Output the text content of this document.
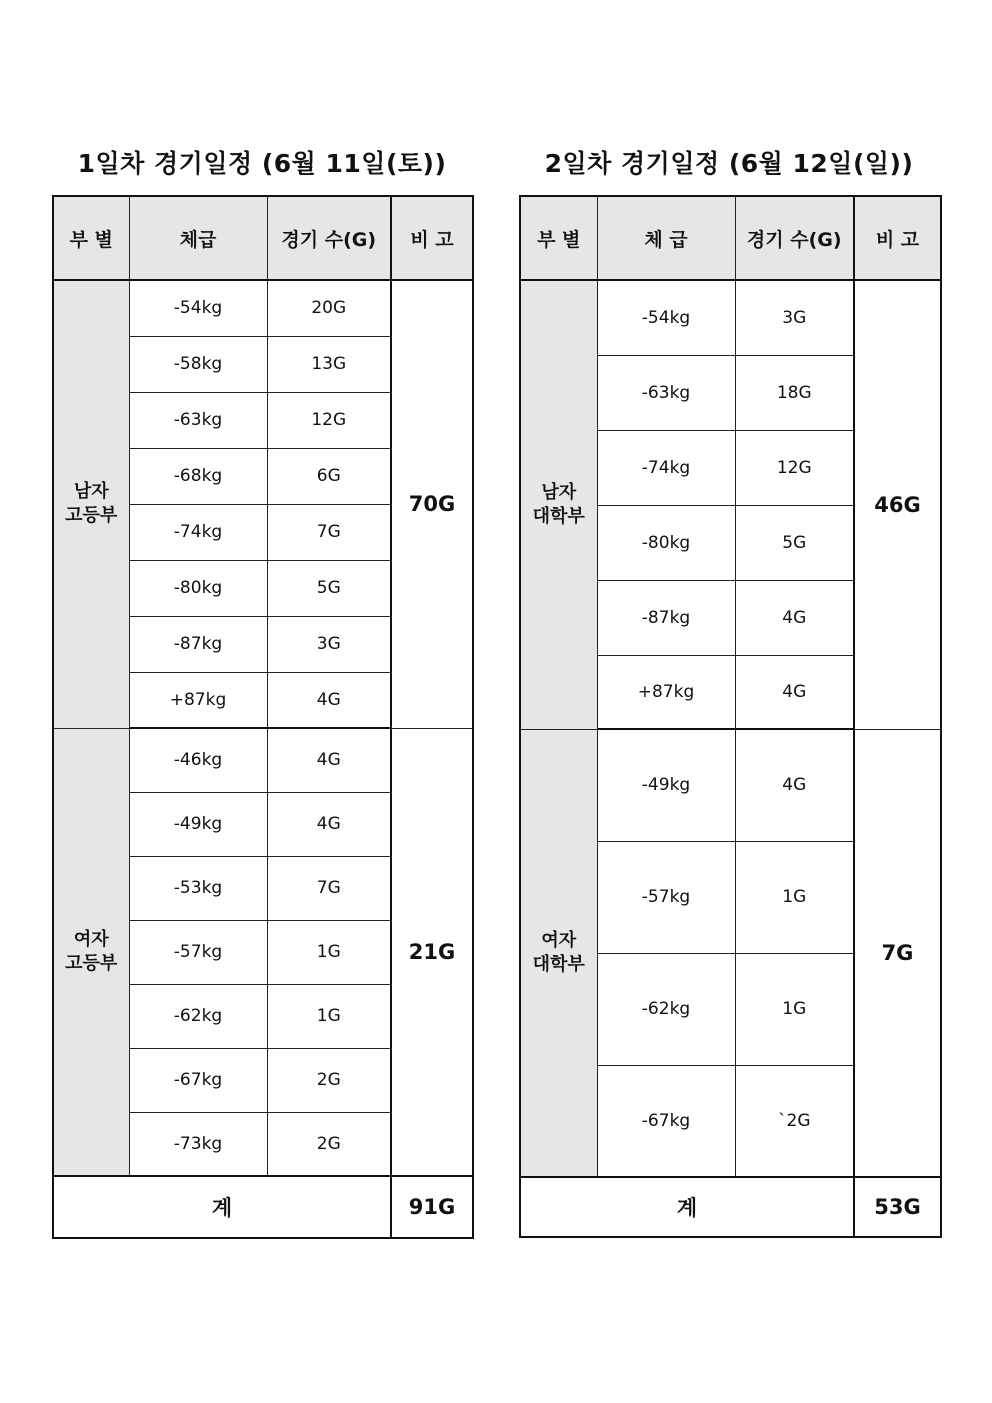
1일차 경기일정 (6월 11일(토))
부 별	체급	경기 수(G)	비 고

남자
고등부	-54kg	20G	70G
	-58kg	13G	
	-63kg	12G	
	-68kg	6G	
	-74kg	7G	
	-80kg	5G	
	-87kg	3G	
	+87kg	4G	

여자
고등부	-46kg	4G	21G
	-49kg	4G	
	-53kg	7G	
	-57kg	1G	
	-62kg	1G	
	-67kg	2G	
	-73kg	2G	
계			91G
2일차 경기일정 (6월 12일(일))
부 별	체 급	경기 수(G)	비 고

남자
대학부	-54kg	3G	46G
	-63kg	18G	
	-74kg	12G	
	-80kg	5G	
	-87kg	4G	
	+87kg	4G	

여자
대학부	-49kg	4G	7G
	-57kg	1G	
	-62kg	1G	
	-67kg	`2G	
계			53G
